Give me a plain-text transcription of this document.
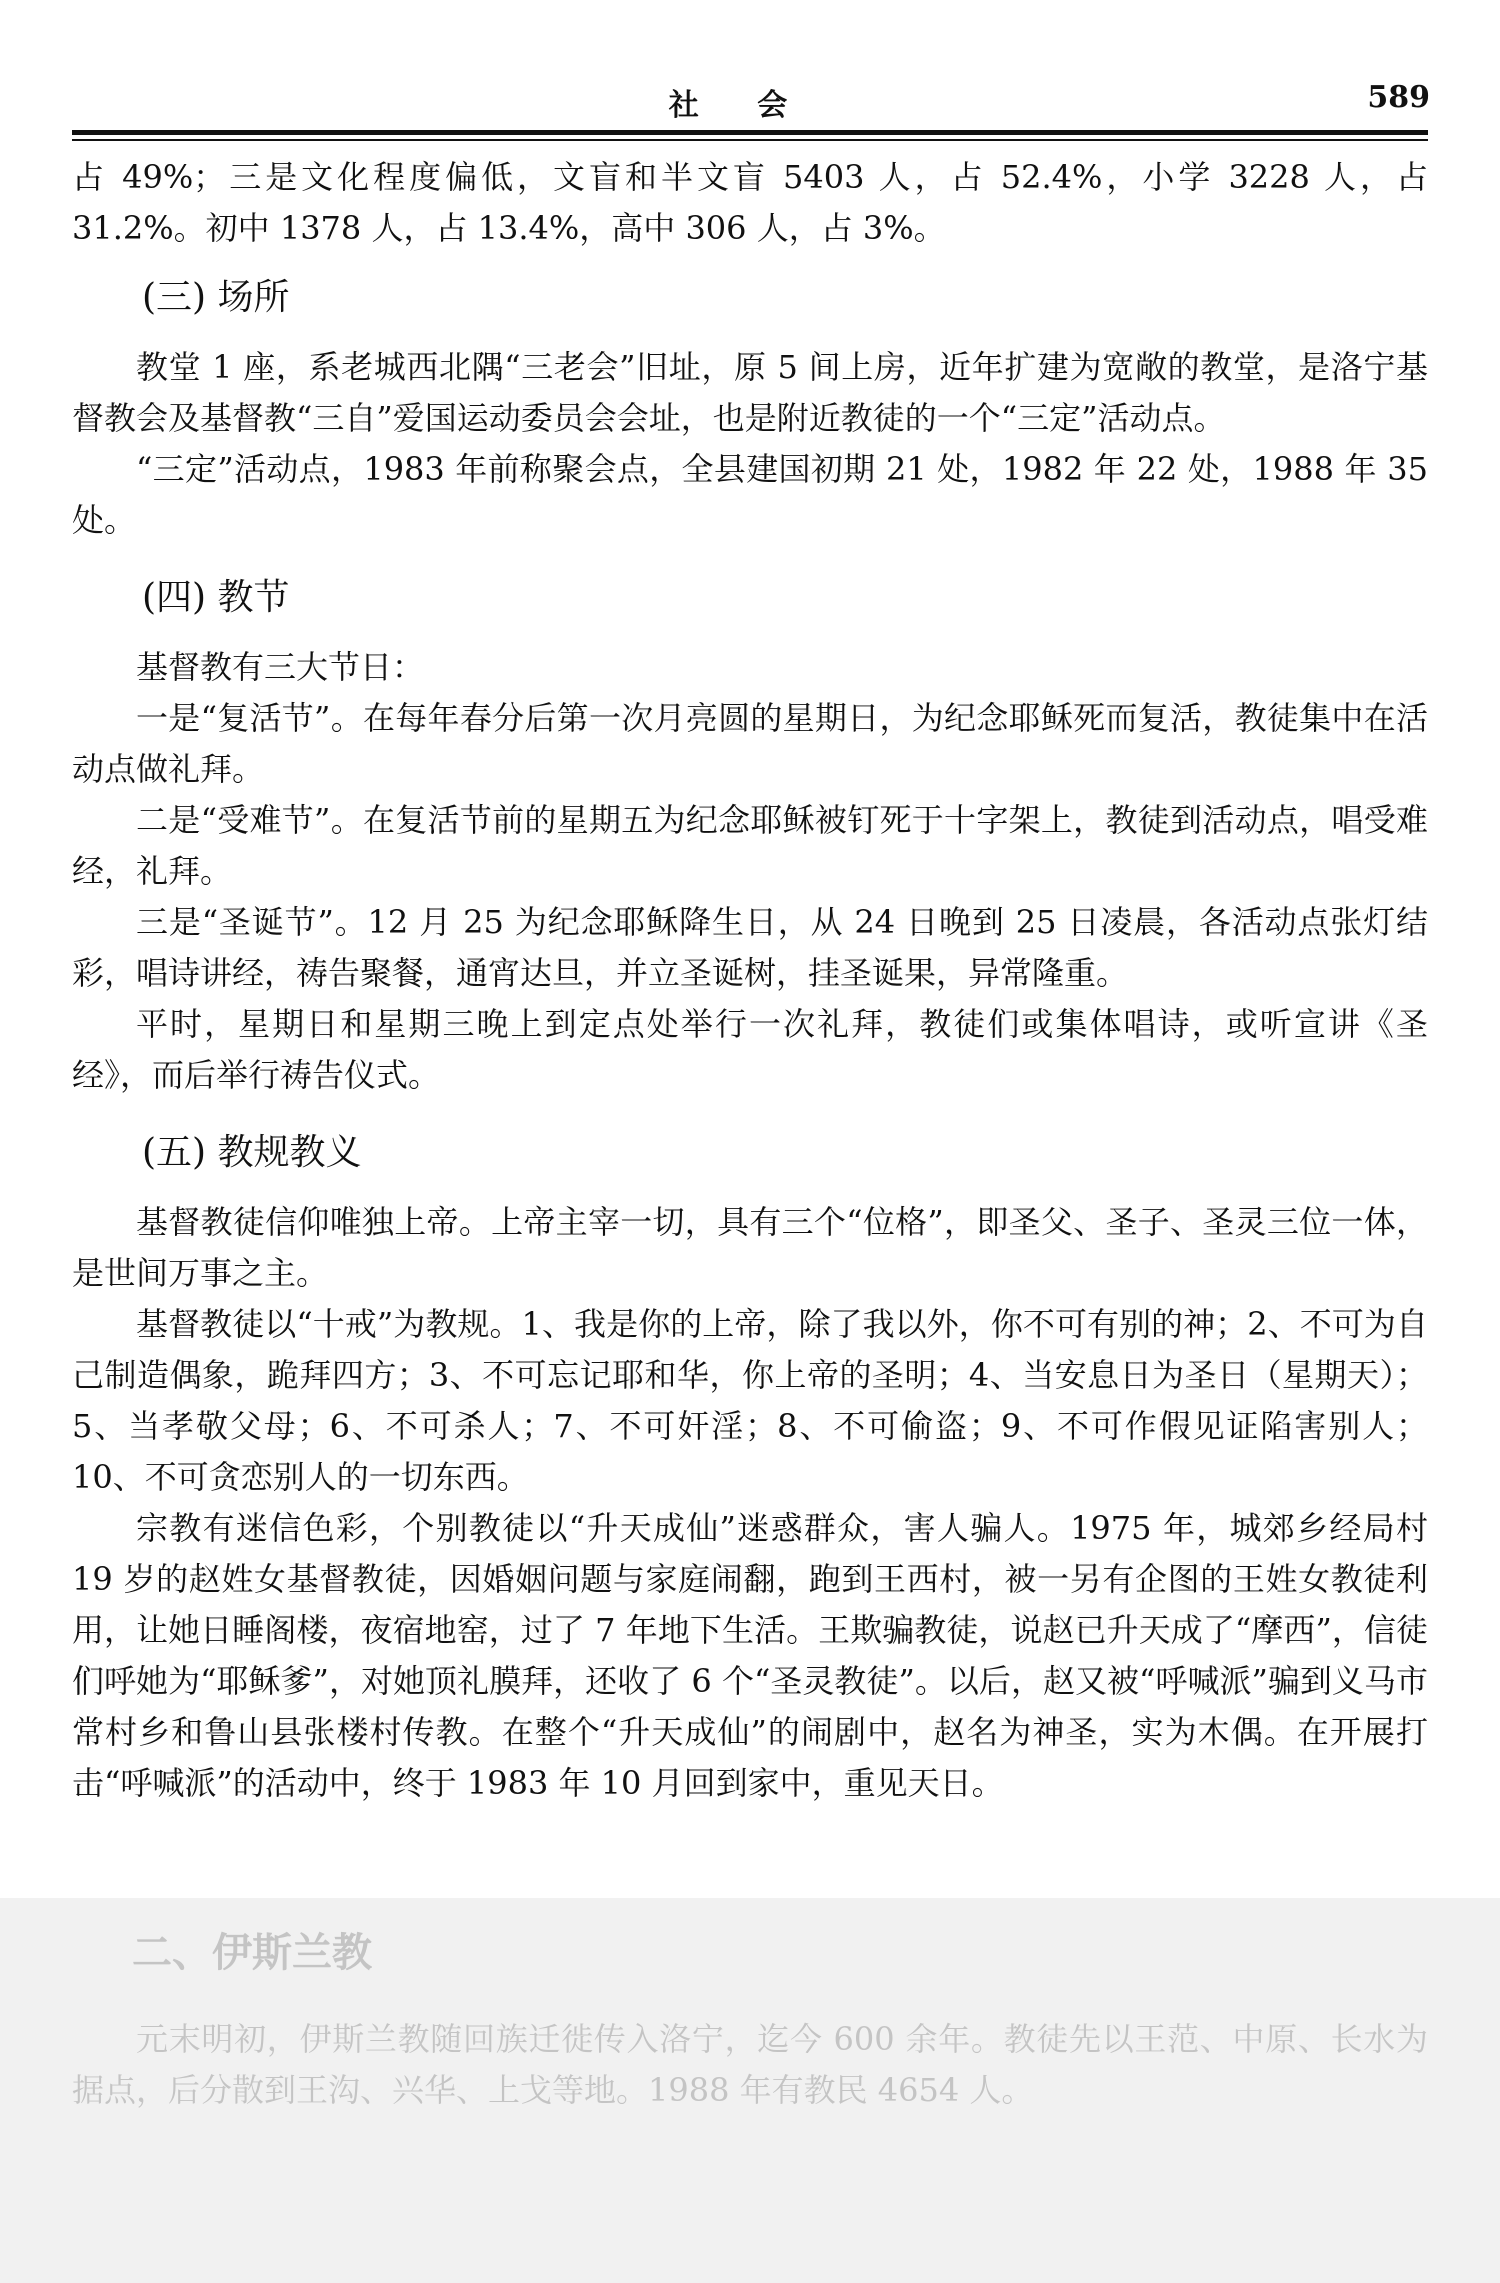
社 会	589

占 49%；三是文化程度偏低，文盲和半文盲 5403 人，占 52.4%，小学 3228 人，占 31.2%。初中 1378 人，占 13.4%，高中 306 人，占 3%。

(三) 场所

教堂 1 座，系老城西北隅“三老会”旧址，原 5 间上房，近年扩建为宽敞的教堂，是洛宁基督教会及基督教“三自”爱国运动委员会会址，也是附近教徒的一个“三定”活动点。

“三定”活动点，1983 年前称聚会点，全县建国初期 21 处，1982 年 22 处，1988 年 35 处。

(四) 教节

基督教有三大节日：

一是“复活节”。在每年春分后第一次月亮圆的星期日，为纪念耶稣死而复活，教徒集中在活动点做礼拜。

二是“受难节”。在复活节前的星期五为纪念耶稣被钉死于十字架上，教徒到活动点，唱受难经，礼拜。

三是“圣诞节”。12 月 25 为纪念耶稣降生日，从 24 日晚到 25 日凌晨，各活动点张灯结彩，唱诗讲经，祷告聚餐，通宵达旦，并立圣诞树，挂圣诞果，异常隆重。

平时，星期日和星期三晚上到定点处举行一次礼拜，教徒们或集体唱诗，或听宣讲《圣经》，而后举行祷告仪式。

(五) 教规教义

基督教徒信仰唯独上帝。上帝主宰一切，具有三个“位格”，即圣父、圣子、圣灵三位一体，是世间万事之主。

基督教徒以“十戒”为教规。1、我是你的上帝，除了我以外，你不可有别的神；2、不可为自己制造偶象，跪拜四方；3、不可忘记耶和华，你上帝的圣明；4、当安息日为圣日（星期天）；5、当孝敬父母；6、不可杀人；7、不可奸淫；8、不可偷盗；9、不可作假见证陷害别人；10、不可贪恋别人的一切东西。

宗教有迷信色彩，个别教徒以“升天成仙”迷惑群众，害人骗人。1975 年，城郊乡经局村 19 岁的赵姓女基督教徒，因婚姻问题与家庭闹翻，跑到王西村，被一另有企图的王姓女教徒利用，让她日睡阁楼，夜宿地窑，过了 7 年地下生活。王欺骗教徒，说赵已升天成了“摩西”，信徒们呼她为“耶稣爹”，对她顶礼膜拜，还收了 6 个“圣灵教徒”。以后，赵又被“呼喊派”骗到义马市常村乡和鲁山县张楼村传教。在整个“升天成仙”的闹剧中，赵名为神圣，实为木偶。在开展打击“呼喊派”的活动中，终于 1983 年 10 月回到家中，重见天日。

二、伊斯兰教

元末明初，伊斯兰教随回族迁徙传入洛宁，迄今 600 余年。教徒先以王范、中原、长水为据点，后分散到王沟、兴华、上戈等地。1988 年有教民 4654 人。
